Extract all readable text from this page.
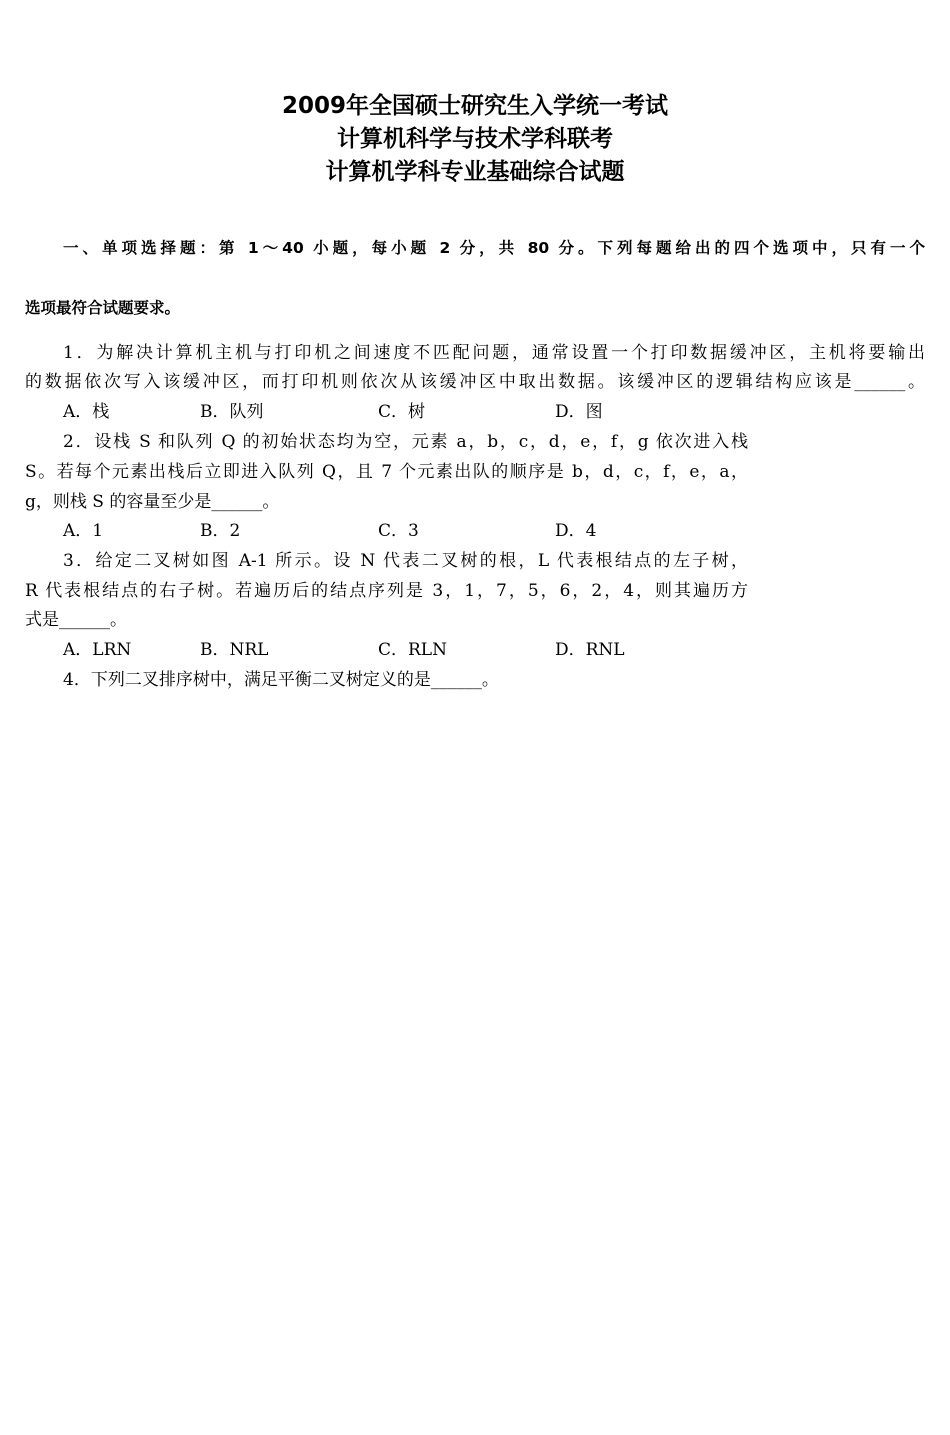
2009年全国硕士研究生入学统一考试
计算机科学与技术学科联考
计算机学科专业基础综合试题
一、单项选择题：第 1～40 小题，每小题 2 分，共 80 分。下列每题给出的四个选项中，只有一个
选项最符合试题要求。
1．为解决计算机主机与打印机之间速度不匹配问题，通常设置一个打印数据缓冲区，主机将要输出
的数据依次写入该缓冲区，而打印机则依次从该缓冲区中取出数据。该缓冲区的逻辑结构应该是______。
A．栈	B．队列	C．树	D．图
2．设栈 S 和队列 Q 的初始状态均为空，元素 a，b，c，d，e，f，g 依次进入栈
S。若每个元素出栈后立即进入队列 Q，且 7 个元素出队的顺序是 b，d，c，f，e，a，
g，则栈 S 的容量至少是______。
A．1	B．2	C．3	D．4
3．给定二叉树如图 A-1 所示。设 N 代表二叉树的根，L 代表根结点的左子树，
R 代表根结点的右子树。若遍历后的结点序列是 3，1，7，5，6，2，4，则其遍历方
式是______。
A．LRN	B．NRL	C．RLN	D．RNL
4．下列二叉排序树中，满足平衡二叉树定义的是______。
